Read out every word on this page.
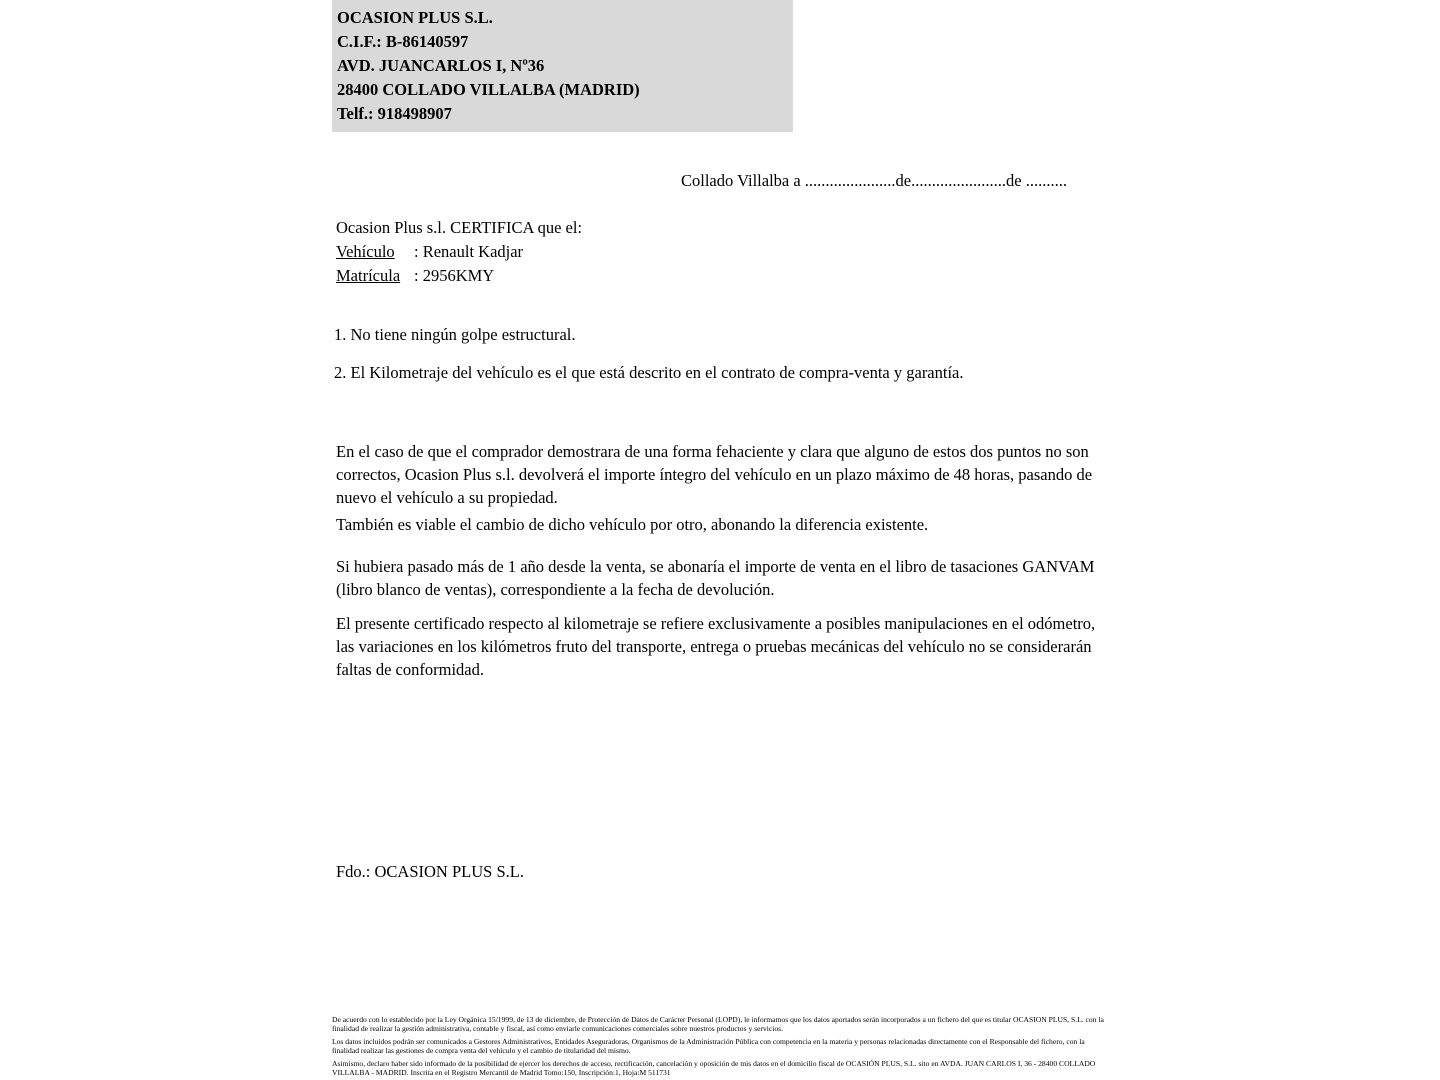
OCASION PLUS S.L.
C.I.F.: B-86140597
AVD. JUANCARLOS I, Nº36
28400 COLLADO VILLALBA (MADRID)
Telf.: 918498907
Collado Villalba a ......................de.......................de ..........
Ocasion Plus s.l. CERTIFICA que el:
Vehículo : Renault Kadjar
Matrícula : 2956KMY
1. No tiene ningún golpe estructural.
2. El Kilometraje del vehículo es el que está descrito en el contrato de compra-venta y garantía.
En el caso de que el comprador demostrara de una forma fehaciente y clara que alguno de estos dos puntos no son correctos, Ocasion Plus s.l. devolverá el importe íntegro del vehículo en un plazo máximo de 48 horas, pasando de nuevo el vehículo a su propiedad.
También es viable el cambio de dicho vehículo por otro, abonando la diferencia existente.
Si hubiera pasado más de 1 año desde la venta, se abonaría el importe de venta en el libro de tasaciones GANVAM (libro blanco de ventas), correspondiente a la fecha de devolución.
El presente certificado respecto al kilometraje se refiere exclusivamente a posibles manipulaciones en el odómetro, las variaciones en los kilómetros fruto del transporte, entrega o pruebas mecánicas del vehículo no se considerarán faltas de conformidad.
Fdo.: OCASION PLUS S.L.

De acuerdo con lo establecido por la Ley Orgánica 15/1999, de 13 de diciembre, de Protección de Datos de Carácter Personal (LOPD), le informamos que los datos aportados serán incorporados a un fichero del que es titular OCASION PLUS, S.L. con la finalidad de realizar la gestión administrativa, contable y fiscal, así como enviarle comunicaciones comerciales sobre nuestros productos y servicios.

Los datos incluidos podrán ser comunicados a Gestores Administrativos, Entidades Aseguradoras, Organismos de la Administración Pública con competencia en la materia y personas relacionadas directamente con el Responsable del fichero, con la finalidad realizar las gestiones de compra venta del vehículo y el cambio de titularidad del mismo.

Asimismo, declaro haber sido informado de la posibilidad de ejercer los derechos de acceso, rectificación, cancelación y oposición de mis datos en el domicilio fiscal de OCASIÓN PLUS, S.L. sito en AVDA. JUAN CARLOS I, 36 - 28400 COLLADO VILLALBA - MADRID. Inscrita en el Registro Mercantil de Madrid Tomo:150, Inscripción:1, Hoja:M 511731
